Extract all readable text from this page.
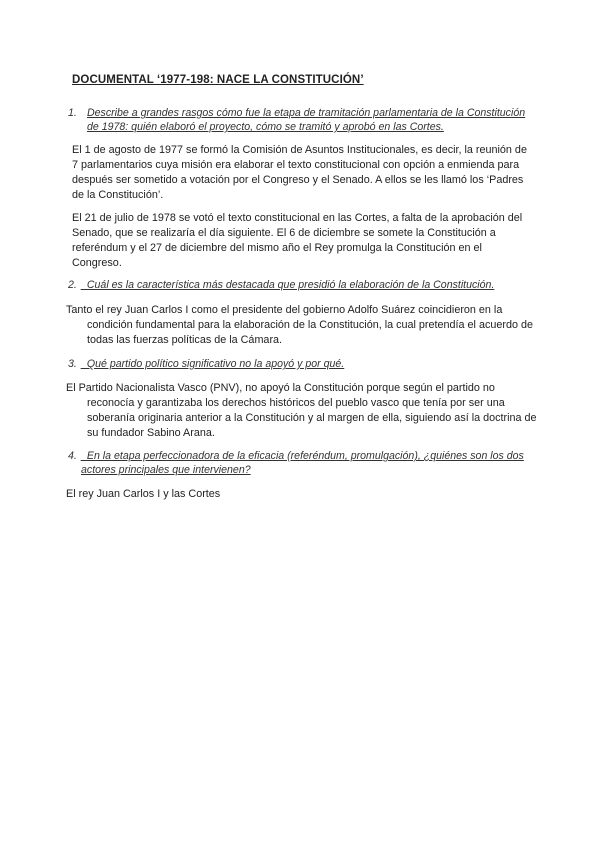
DOCUMENTAL ‘1977-198: NACE LA CONSTITUCIÓN’
1. Describe a grandes rasgos cómo fue la etapa de tramitación parlamentaria de la Constitución de 1978: quién elaboró el proyecto, cómo se tramitó y aprobó en las Cortes.
El 1 de agosto de 1977 se formó la Comisión de Asuntos Institucionales, es decir, la reunión de 7 parlamentarios cuya misión era elaborar el texto constitucional con opción a enmienda para después ser sometido a votación por el Congreso y el Senado. A ellos se les llamó los ‘Padres de la Constitución’.
El 21 de julio de 1978 se votó el texto constitucional en las Cortes, a falta de la aprobación del Senado, que se realizaría el día siguiente. El 6 de diciembre se somete la Constitución a referéndum y el 27 de diciembre del mismo año el Rey promulga la Constitución en el Congreso.
2. _Cuál es la característica más destacada que presidió la elaboración de la Constitución.
Tanto el rey Juan Carlos I como el presidente del gobierno Adolfo Suárez coincidieron en la condición fundamental para la elaboración de la Constitución, la cual pretendía el acuerdo de todas las fuerzas políticas de la Cámara.
3. _Qué partido político significativo no la apoyó y por qué.
El Partido Nacionalista Vasco (PNV), no apoyó la Constitución porque según el partido no reconocía y garantizaba los derechos históricos del pueblo vasco que tenía por ser una soberanía originaria anterior a la Constitución y al margen de ella, siguiendo así la doctrina de su fundador Sabino Arana.
4. _En la etapa perfeccionadora de la eficacia (referéndum, promulgación), ¿quiénes son los dos actores principales que intervienen?
El rey Juan Carlos I y las Cortes
